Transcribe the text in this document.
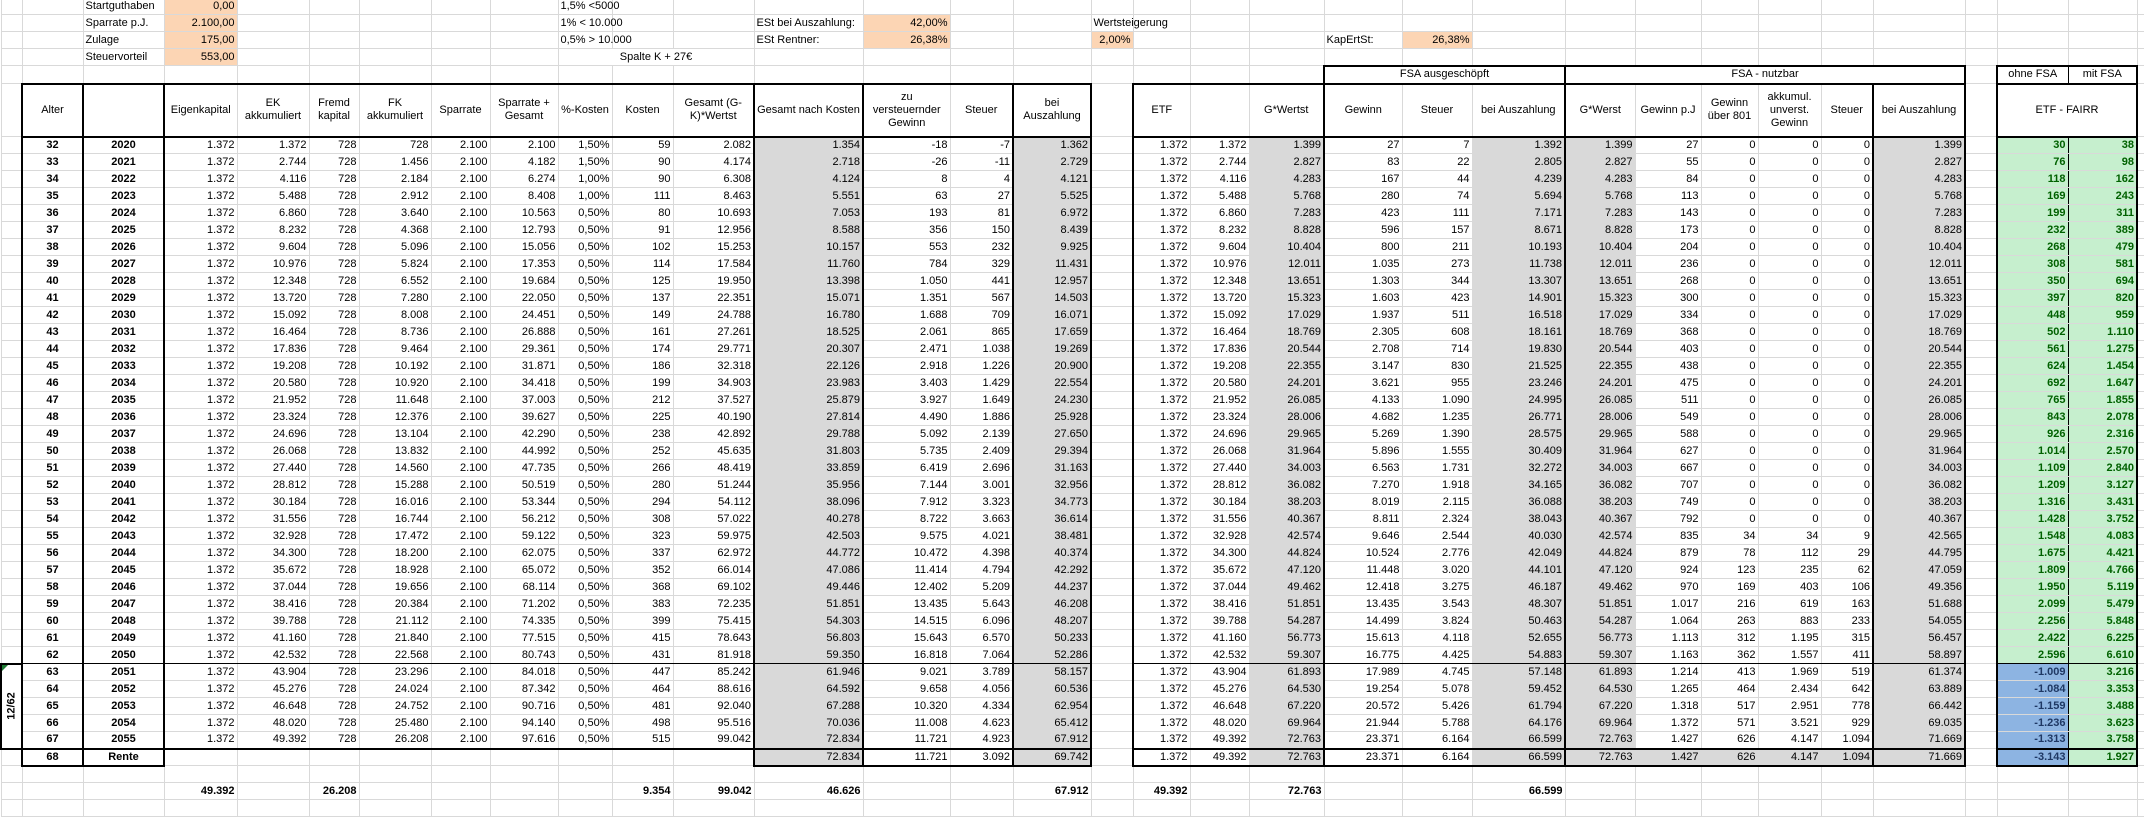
		Startguthaben	0,00						1,5% <5000																							
		Sparrate p.J.	2.100,00						1% < 10.000			ESt bei Auszahlung:	42,00%			Wertsteigerung																
		Zulage	175,00						0,5% > 10.000			ESt Rentner:	26,38%			2,00%				KapErtSt:	26,38%											
		Steuervorteil	553,00						Spalte K + 27€																							
																				FSA ausgeschöpft			FSA - nutzbar							ohne FSA	mit FSA	
	Alter		Eigenkapital	EK akkumuliert	Fremd kapital	FK akkumuliert	Sparrate	Sparrate + Gesamt	%-Kosten	Kosten	Gesamt (G-K)*Wertst	Gesamt nach Kosten	zu versteuernder Gewinn	Steuer	bei Auszahlung		ETF		G*Wertst	Gewinn	Steuer	bei Auszahlung	G*Werst	Gewinn p.J	Gewinn über 801	akkumul. unverst. Gewinn	Steuer	bei Auszahlung		ETF - FAIRR		
	32	2020	1.372	1.372	728	728	2.100	2.100	1,50%	59	2.082	1.354	-18	-7	1.362		1.372	1.372	1.399	27	7	1.392	1.399	27	0	0	0	1.399		30	38	
	33	2021	1.372	2.744	728	1.456	2.100	4.182	1,50%	90	4.174	2.718	-26	-11	2.729		1.372	2.744	2.827	83	22	2.805	2.827	55	0	0	0	2.827		76	98	
	34	2022	1.372	4.116	728	2.184	2.100	6.274	1,00%	90	6.308	4.124	8	4	4.121		1.372	4.116	4.283	167	44	4.239	4.283	84	0	0	0	4.283		118	162	
	35	2023	1.372	5.488	728	2.912	2.100	8.408	1,00%	111	8.463	5.551	63	27	5.525		1.372	5.488	5.768	280	74	5.694	5.768	113	0	0	0	5.768		169	243	
	36	2024	1.372	6.860	728	3.640	2.100	10.563	0,50%	80	10.693	7.053	193	81	6.972		1.372	6.860	7.283	423	111	7.171	7.283	143	0	0	0	7.283		199	311	
	37	2025	1.372	8.232	728	4.368	2.100	12.793	0,50%	91	12.956	8.588	356	150	8.439		1.372	8.232	8.828	596	157	8.671	8.828	173	0	0	0	8.828		232	389	
	38	2026	1.372	9.604	728	5.096	2.100	15.056	0,50%	102	15.253	10.157	553	232	9.925		1.372	9.604	10.404	800	211	10.193	10.404	204	0	0	0	10.404		268	479	
	39	2027	1.372	10.976	728	5.824	2.100	17.353	0,50%	114	17.584	11.760	784	329	11.431		1.372	10.976	12.011	1.035	273	11.738	12.011	236	0	0	0	12.011		308	581	
	40	2028	1.372	12.348	728	6.552	2.100	19.684	0,50%	125	19.950	13.398	1.050	441	12.957		1.372	12.348	13.651	1.303	344	13.307	13.651	268	0	0	0	13.651		350	694	
	41	2029	1.372	13.720	728	7.280	2.100	22.050	0,50%	137	22.351	15.071	1.351	567	14.503		1.372	13.720	15.323	1.603	423	14.901	15.323	300	0	0	0	15.323		397	820	
	42	2030	1.372	15.092	728	8.008	2.100	24.451	0,50%	149	24.788	16.780	1.688	709	16.071		1.372	15.092	17.029	1.937	511	16.518	17.029	334	0	0	0	17.029		448	959	
	43	2031	1.372	16.464	728	8.736	2.100	26.888	0,50%	161	27.261	18.525	2.061	865	17.659		1.372	16.464	18.769	2.305	608	18.161	18.769	368	0	0	0	18.769		502	1.110	
	44	2032	1.372	17.836	728	9.464	2.100	29.361	0,50%	174	29.771	20.307	2.471	1.038	19.269		1.372	17.836	20.544	2.708	714	19.830	20.544	403	0	0	0	20.544		561	1.275	
	45	2033	1.372	19.208	728	10.192	2.100	31.871	0,50%	186	32.318	22.126	2.918	1.226	20.900		1.372	19.208	22.355	3.147	830	21.525	22.355	438	0	0	0	22.355		624	1.454	
	46	2034	1.372	20.580	728	10.920	2.100	34.418	0,50%	199	34.903	23.983	3.403	1.429	22.554		1.372	20.580	24.201	3.621	955	23.246	24.201	475	0	0	0	24.201		692	1.647	
	47	2035	1.372	21.952	728	11.648	2.100	37.003	0,50%	212	37.527	25.879	3.927	1.649	24.230		1.372	21.952	26.085	4.133	1.090	24.995	26.085	511	0	0	0	26.085		765	1.855	
	48	2036	1.372	23.324	728	12.376	2.100	39.627	0,50%	225	40.190	27.814	4.490	1.886	25.928		1.372	23.324	28.006	4.682	1.235	26.771	28.006	549	0	0	0	28.006		843	2.078	
	49	2037	1.372	24.696	728	13.104	2.100	42.290	0,50%	238	42.892	29.788	5.092	2.139	27.650		1.372	24.696	29.965	5.269	1.390	28.575	29.965	588	0	0	0	29.965		926	2.316	
	50	2038	1.372	26.068	728	13.832	2.100	44.992	0,50%	252	45.635	31.803	5.735	2.409	29.394		1.372	26.068	31.964	5.896	1.555	30.409	31.964	627	0	0	0	31.964		1.014	2.570	
	51	2039	1.372	27.440	728	14.560	2.100	47.735	0,50%	266	48.419	33.859	6.419	2.696	31.163		1.372	27.440	34.003	6.563	1.731	32.272	34.003	667	0	0	0	34.003		1.109	2.840	
	52	2040	1.372	28.812	728	15.288	2.100	50.519	0,50%	280	51.244	35.956	7.144	3.001	32.956		1.372	28.812	36.082	7.270	1.918	34.165	36.082	707	0	0	0	36.082		1.209	3.127	
	53	2041	1.372	30.184	728	16.016	2.100	53.344	0,50%	294	54.112	38.096	7.912	3.323	34.773		1.372	30.184	38.203	8.019	2.115	36.088	38.203	749	0	0	0	38.203		1.316	3.431	
	54	2042	1.372	31.556	728	16.744	2.100	56.212	0,50%	308	57.022	40.278	8.722	3.663	36.614		1.372	31.556	40.367	8.811	2.324	38.043	40.367	792	0	0	0	40.367		1.428	3.752	
	55	2043	1.372	32.928	728	17.472	2.100	59.122	0,50%	323	59.975	42.503	9.575	4.021	38.481		1.372	32.928	42.574	9.646	2.544	40.030	42.574	835	34	34	9	42.565		1.548	4.083	
	56	2044	1.372	34.300	728	18.200	2.100	62.075	0,50%	337	62.972	44.772	10.472	4.398	40.374		1.372	34.300	44.824	10.524	2.776	42.049	44.824	879	78	112	29	44.795		1.675	4.421	
	57	2045	1.372	35.672	728	18.928	2.100	65.072	0,50%	352	66.014	47.086	11.414	4.794	42.292		1.372	35.672	47.120	11.448	3.020	44.101	47.120	924	123	235	62	47.059		1.809	4.766	
	58	2046	1.372	37.044	728	19.656	2.100	68.114	0,50%	368	69.102	49.446	12.402	5.209	44.237		1.372	37.044	49.462	12.418	3.275	46.187	49.462	970	169	403	106	49.356		1.950	5.119	
	59	2047	1.372	38.416	728	20.384	2.100	71.202	0,50%	383	72.235	51.851	13.435	5.643	46.208		1.372	38.416	51.851	13.435	3.543	48.307	51.851	1.017	216	619	163	51.688		2.099	5.479	
	60	2048	1.372	39.788	728	21.112	2.100	74.335	0,50%	399	75.415	54.303	14.515	6.096	48.207		1.372	39.788	54.287	14.499	3.824	50.463	54.287	1.064	263	883	233	54.055		2.256	5.848	
	61	2049	1.372	41.160	728	21.840	2.100	77.515	0,50%	415	78.643	56.803	15.643	6.570	50.233		1.372	41.160	56.773	15.613	4.118	52.655	56.773	1.113	312	1.195	315	56.457		2.422	6.225	
	62	2050	1.372	42.532	728	22.568	2.100	80.743	0,50%	431	81.918	59.350	16.818	7.064	52.286		1.372	42.532	59.307	16.775	4.425	54.883	59.307	1.163	362	1.557	411	58.897		2.596	6.610	

12/62	63	2051	1.372	43.904	728	23.296	2.100	84.018	0,50%	447	85.242	61.946	9.021	3.789	58.157		1.372	43.904	61.893	17.989	4.745	57.148	61.893	1.214	413	1.969	519	61.374		-1.009	3.216	
	64	2052	1.372	45.276	728	24.024	2.100	87.342	0,50%	464	88.616	64.592	9.658	4.056	60.536		1.372	45.276	64.530	19.254	5.078	59.452	64.530	1.265	464	2.434	642	63.889		-1.084	3.353	
	65	2053	1.372	46.648	728	24.752	2.100	90.716	0,50%	481	92.040	67.288	10.320	4.334	62.954		1.372	46.648	67.220	20.572	5.426	61.794	67.220	1.318	517	2.951	778	66.442		-1.159	3.488	
	66	2054	1.372	48.020	728	25.480	2.100	94.140	0,50%	498	95.516	70.036	11.008	4.623	65.412		1.372	48.020	69.964	21.944	5.788	64.176	69.964	1.372	571	3.521	929	69.035		-1.236	3.623	
	67	2055	1.372	49.392	728	26.208	2.100	97.616	0,50%	515	99.042	72.834	11.721	4.923	67.912		1.372	49.392	72.763	23.371	6.164	66.599	72.763	1.427	626	4.147	1.094	71.669		-1.313	3.758	
	68	Rente										72.834	11.721	3.092	69.742		1.372	49.392	72.763	23.371	6.164	66.599	72.763	1.427	626	4.147	1.094	71.669		-3.143	1.927	

			49.392		26.208					9.354	99.042	46.626			67.912		49.392		72.763			66.599										
